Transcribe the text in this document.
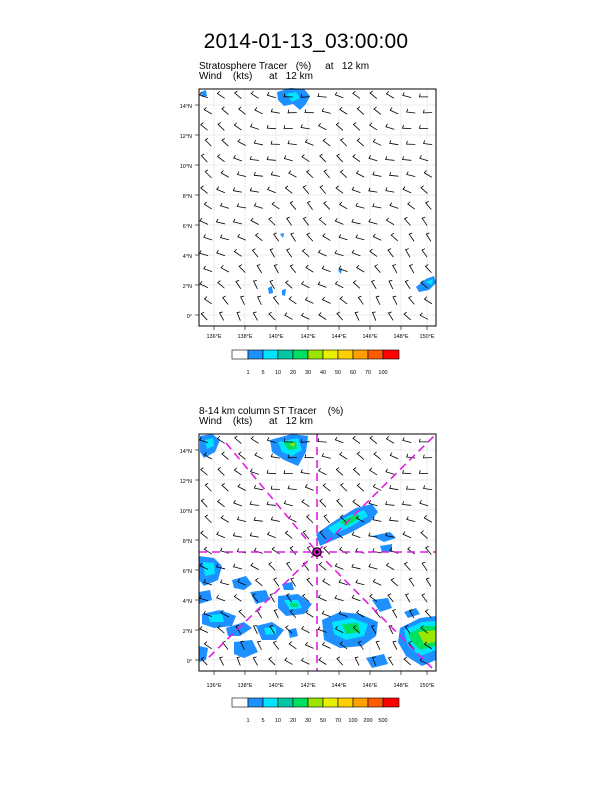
2014-01-13_03:00:00
Stratosphere Tracer   (%)     at   12 km
Wind    (kts)      at   12 km
8-14 km column ST Tracer    (%)
Wind    (kts)      at   12 km
136°E	138°E	140°E	142°E	144°E	146°E	148°E 150°E
0°
2°N
4°N
6°N
8°N
10°N
12°N
14°N
1 5 10 20 30 40 50 60 70 100
136°E	138°E	140°E	142°E	144°E	146°E	148°E 150°E
0°
2°N
4°N
6°N
8°N
10°N
12°N
14°N
1 5 10 20 30 50 70 100 200 500
